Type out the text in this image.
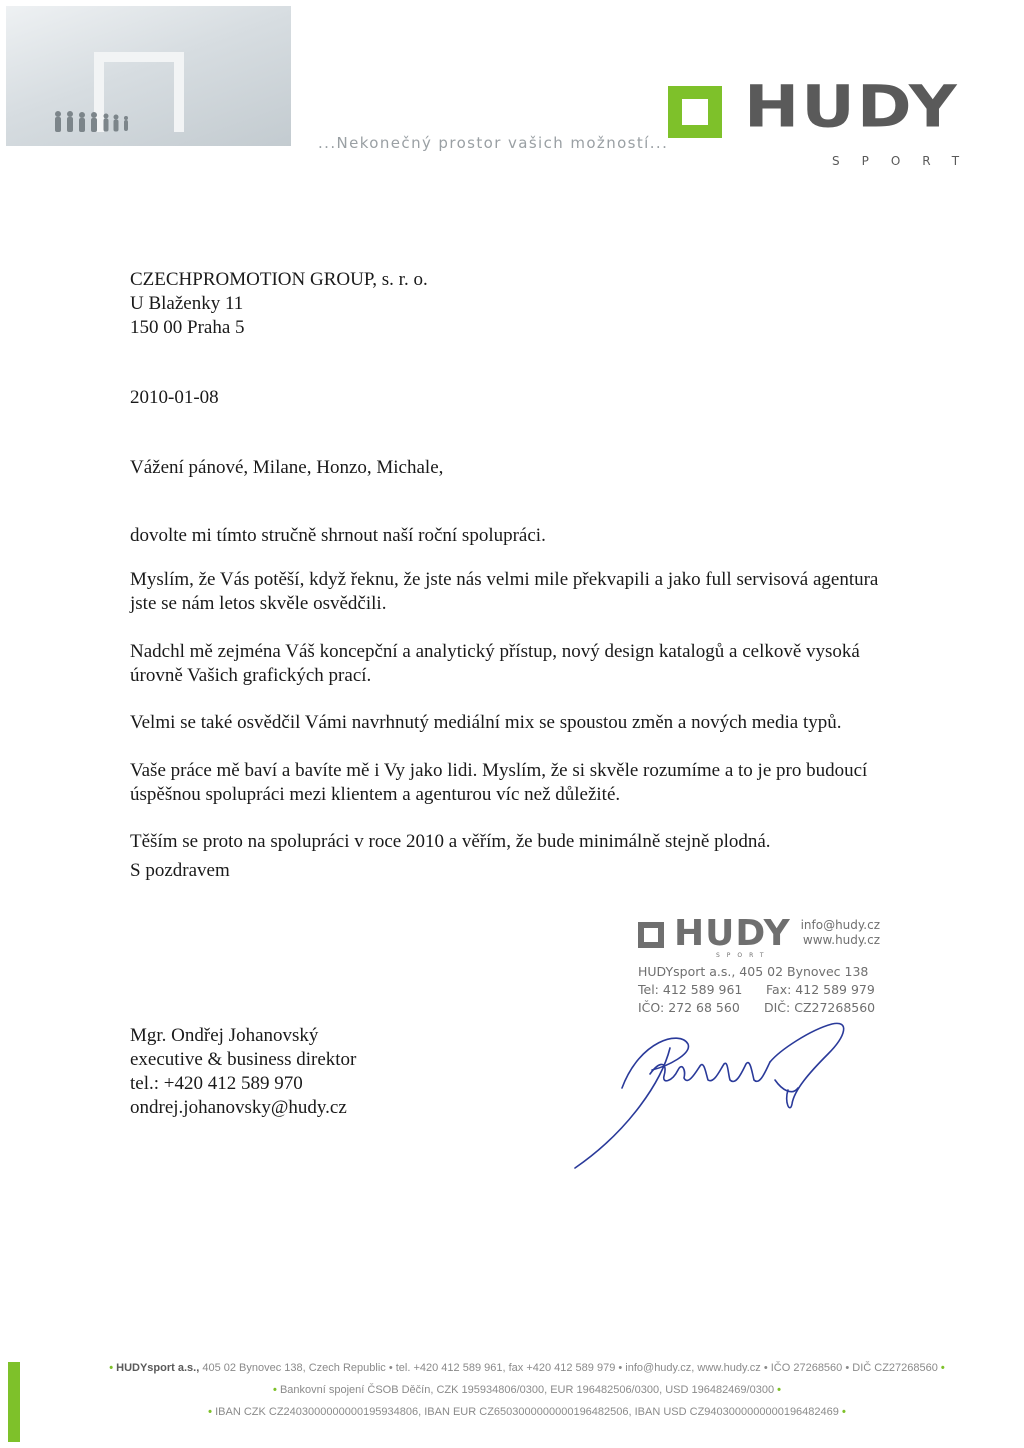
...Nekonečný prostor vašich možností...
HUDY
SPORT

CZECHPROMOTION GROUP, s. r. o.

U Blaženky 11

150 00 Praha 5

2010-01-08
Vážení pánové, Milane, Honzo, Michale,

dovolte mi tímto stručně shrnout naší roční spolupráci.

Myslím, že Vás potěší, když řeknu, že jste nás velmi mile překvapili a jako full servisová agentura jste se nám letos skvěle osvědčili.

Nadchl mě zejména Váš koncepční a analytický přístup, nový design katalogů a celkově vysoká úrovně Vašich grafických prací.

Velmi se také osvědčil Vámi navrhnutý mediální mix se spoustou změn a nových media typů.

Vaše práce mě baví a bavíte mě i Vy jako lidi. Myslím, že si skvěle rozumíme a to je pro budoucí úspěšnou spolupráci mezi klientem a agenturou víc než důležité.

Těším se proto na spolupráci v roce 2010 a věřím, že bude minimálně stejně plodná.

S pozdravem
HUDY
SPORT
info@hudy.cz
www.hudy.cz
HUDYsport a.s., 405 02 Bynovec 138
Tel: 412 589 961 Fax: 412 589 979
IČO: 272 68 560 DIČ: CZ27268560

Mgr. Ondřej Johanovský

executive & business direktor

tel.: +420 412 589 970

ondrej.johanovsky@hudy.cz

• HUDYsport a.s., 405 02 Bynovec 138, Czech Republic • tel. +420 412 589 961, fax +420 412 589 979 • info@hudy.cz, www.hudy.cz • IČO 27268560 • DIČ CZ27268560 •
• Bankovní spojení ČSOB Děčín, CZK 195934806/0300, EUR 196482506/0300, USD 196482469/0300 •
• IBAN CZK CZ2403000000000195934806, IBAN EUR CZ6503000000000196482506, IBAN USD CZ9403000000000196482469 •
